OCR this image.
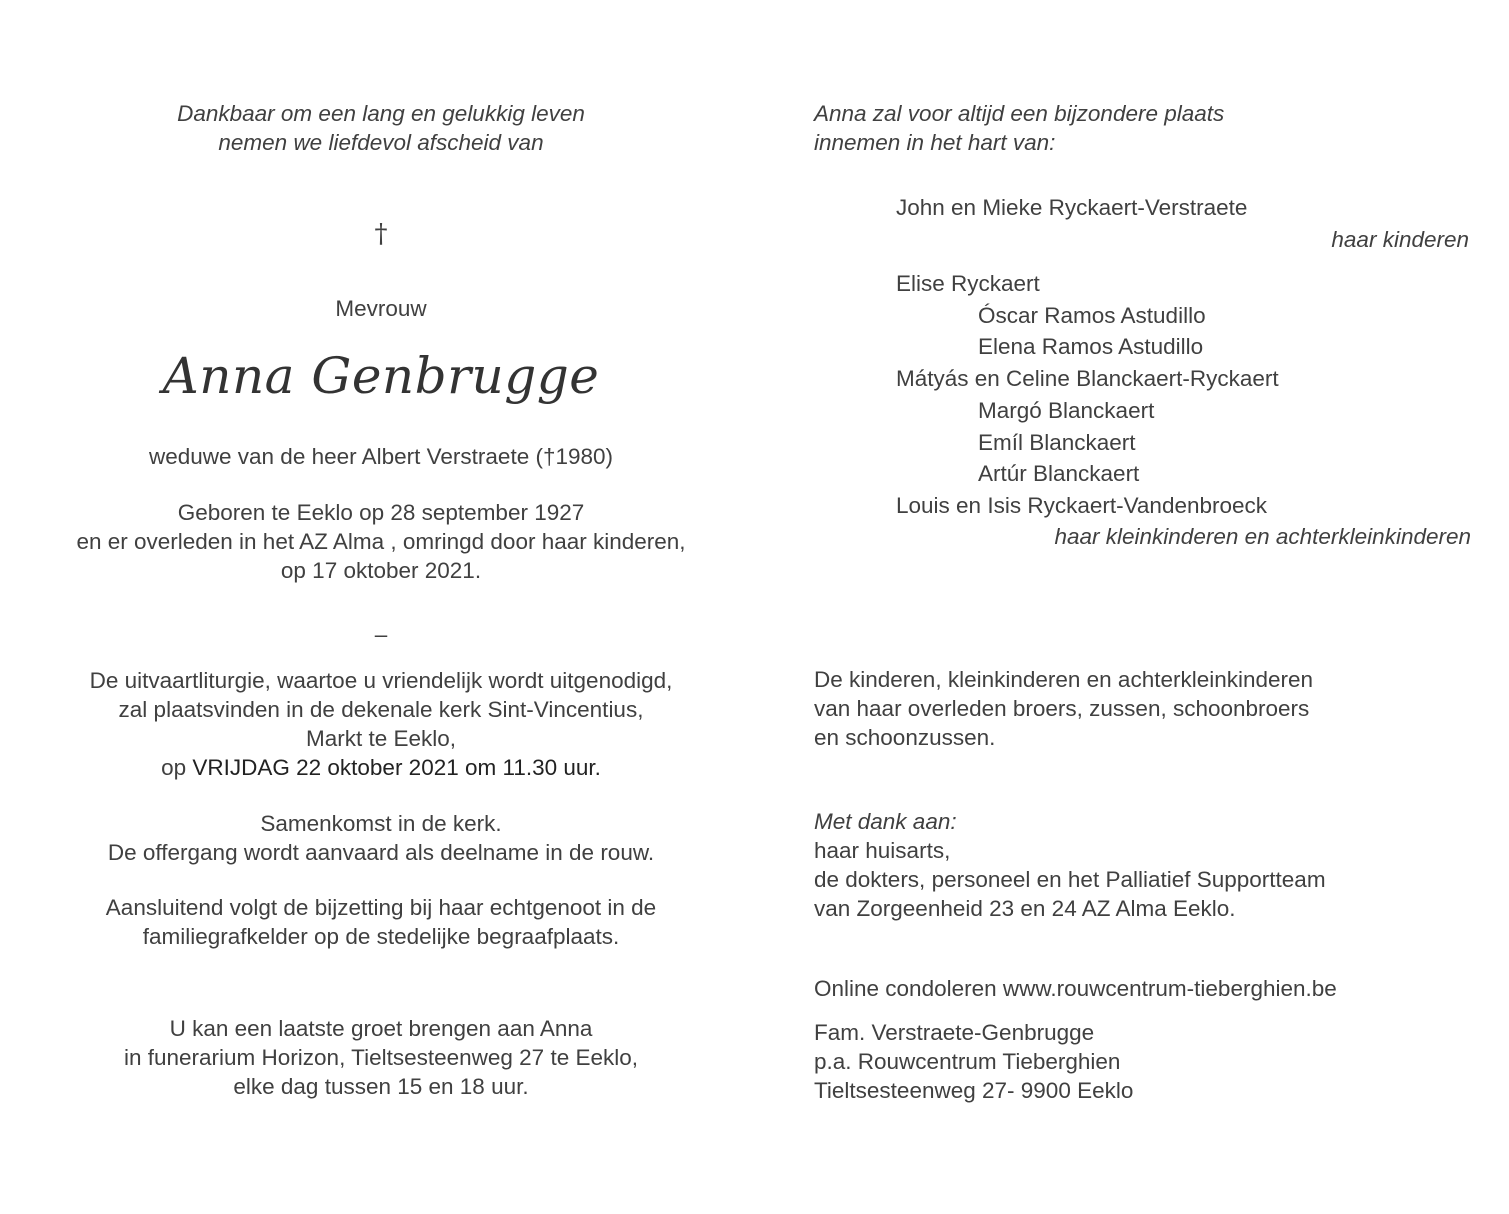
Dankbaar om een lang en gelukkig leven
nemen we liefdevol afscheid van
†
Mevrouw
Anna Genbrugge
weduwe van de heer Albert Verstraete (†1980)
Geboren te Eeklo op 28 september 1927
en er overleden in het AZ Alma , omringd door haar kinderen,
op 17 oktober 2021.
–
De uitvaartliturgie, waartoe u vriendelijk wordt uitgenodigd,
zal plaatsvinden in de dekenale kerk Sint-Vincentius,
Markt te Eeklo,
op VRIJDAG 22 oktober 2021 om 11.30 uur.
Samenkomst in de kerk.
De offergang wordt aanvaard als deelname in de rouw.
Aansluitend volgt de bijzetting bij haar echtgenoot in de
familiegrafkelder op de stedelijke begraafplaats.
U kan een laatste groet brengen aan Anna
in funerarium Horizon, Tieltsesteenweg 27 te Eeklo,
elke dag tussen 15 en 18 uur.
Anna zal voor altijd een bijzondere plaats
innemen in het hart van:
John en Mieke Ryckaert-Verstraete
haar kinderen
Elise Ryckaert
Óscar Ramos Astudillo
Elena Ramos Astudillo
Mátyás en Celine Blanckaert-Ryckaert
Margó Blanckaert
Emíl Blanckaert
Artúr Blanckaert
Louis en Isis Ryckaert-Vandenbroeck
haar kleinkinderen en achterkleinkinderen
De kinderen, kleinkinderen en achterkleinkinderen
van haar overleden broers, zussen, schoonbroers
en schoonzussen.
Met dank aan:
haar huisarts,
de dokters, personeel en het Palliatief Supportteam
van Zorgeenheid 23 en 24 AZ Alma Eeklo.
Online condoleren www.rouwcentrum-tieberghien.be
Fam. Verstraete-Genbrugge
p.a. Rouwcentrum Tieberghien
Tieltsesteenweg 27- 9900 Eeklo
